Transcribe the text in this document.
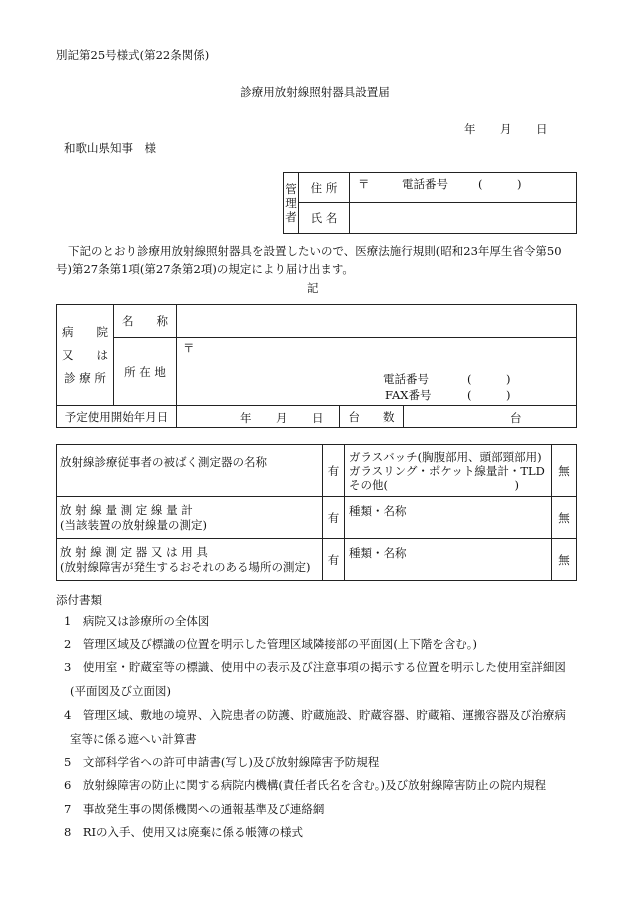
別記第25号様式(第22条関係)
診療用放射線照射器具設置届
年 月 日
和歌山県知事　様
管
理
者	住 所	〒 電話番号 (　　　)

	氏 名	
下記のとおり診療用放射線照射器具を設置したいので、医療法施行規則(昭和23年厚生省令第50
号)第27条第1項(第27条第2項)の規定により届け出ます。
記
病　　院
又　　は
診 療 所	名　　称			
	所 在 地	〒
電話番号 (　　　)
FAX番号 (　　　)		

予定使用開始年月日		年 月 日	台　　数	台
放射線診療従事者の被ばく測定器の名称	有	ガラスバッチ(胸腹部用、頭部頸部用)
ガラスリング・ポケット線量計・TLD
その他(　　　　　　　　　　　)	無

放 射 線 量 測 定 線 量 計
(当該装置の放射線量の測定)	有	種類・名称	無

放 射 線 測 定 器 又 は 用 具
(放射線障害が発生するおそれのある場所の測定)	有	種類・名称	無
添付書類
1　 病院又は診療所の全体図
2　 管理区域及び標識の位置を明示した管理区域隣接部の平面図(上下階を含む。)
3　 使用室・貯蔵室等の標識、使用中の表示及び注意事項の掲示する位置を明示した使用室詳細図
(平面図及び立面図)
4　 管理区域、敷地の境界、入院患者の防護、貯蔵施設、貯蔵容器、貯蔵箱、運搬容器及び治療病
室等に係る遮へい計算書
5　 文部科学省への許可申請書(写し)及び放射線障害予防規程
6　 放射線障害の防止に関する病院内機構(責任者氏名を含む。)及び放射線障害防止の院内規程
7　 事故発生事の関係機関への通報基準及び連絡網
8　 RIの入手、使用又は廃棄に係る帳簿の様式
